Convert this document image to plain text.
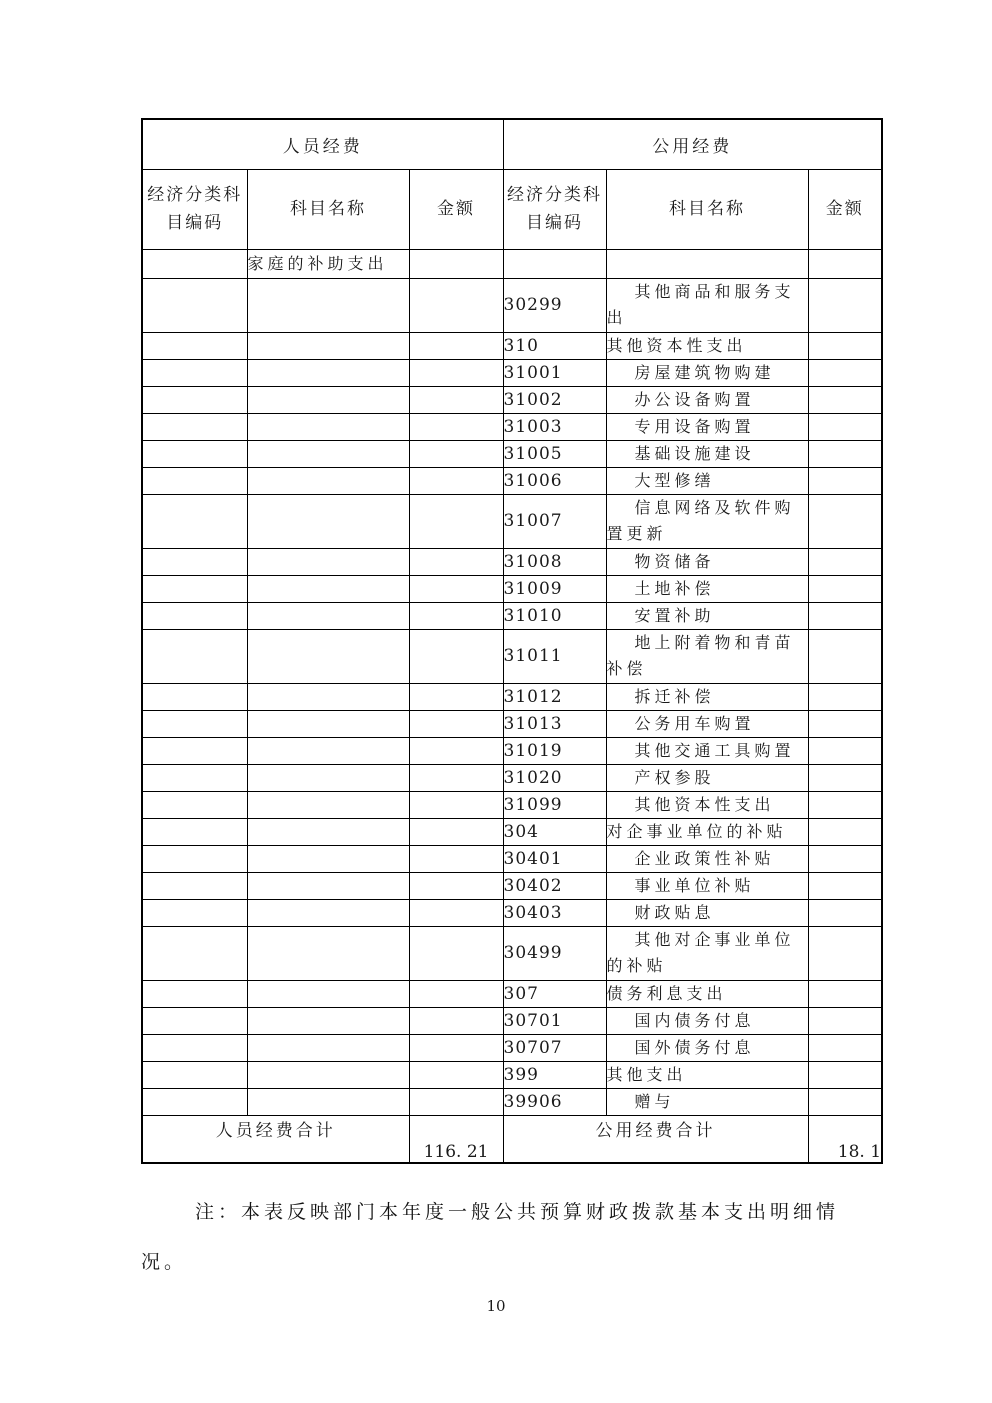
人员经费			公用经费		
经济分类科目编码	科目名称	金额	经济分类科目编码	科目名称	金额
	家庭的补助支出				
			30299	其他商品和服务支出	
			310	其他资本性支出	
			31001	房屋建筑物购建	
			31002	办公设备购置	
			31003	专用设备购置	
			31005	基础设施建设	
			31006	大型修缮	
			31007	信息网络及软件购置更新	
			31008	物资储备	
			31009	土地补偿	
			31010	安置补助	
			31011	地上附着物和青苗补偿	
			31012	拆迁补偿	
			31013	公务用车购置	
			31019	其他交通工具购置	
			31020	产权参股	
			31099	其他资本性支出	
			304	对企事业单位的补贴	
			30401	企业政策性补贴	
			30402	事业单位补贴	
			30403	财政贴息	
			30499	其他对企事业单位的补贴	
			307	债务利息支出	
			30701	国内债务付息	
			30707	国外债务付息	
			399	其他支出	
			39906	赠与	
人员经费合计		116. 21	公用经费合计		18. 1

注：本表反映部门本年度一般公共预算财政拨款基本支出明细情
况。

10
